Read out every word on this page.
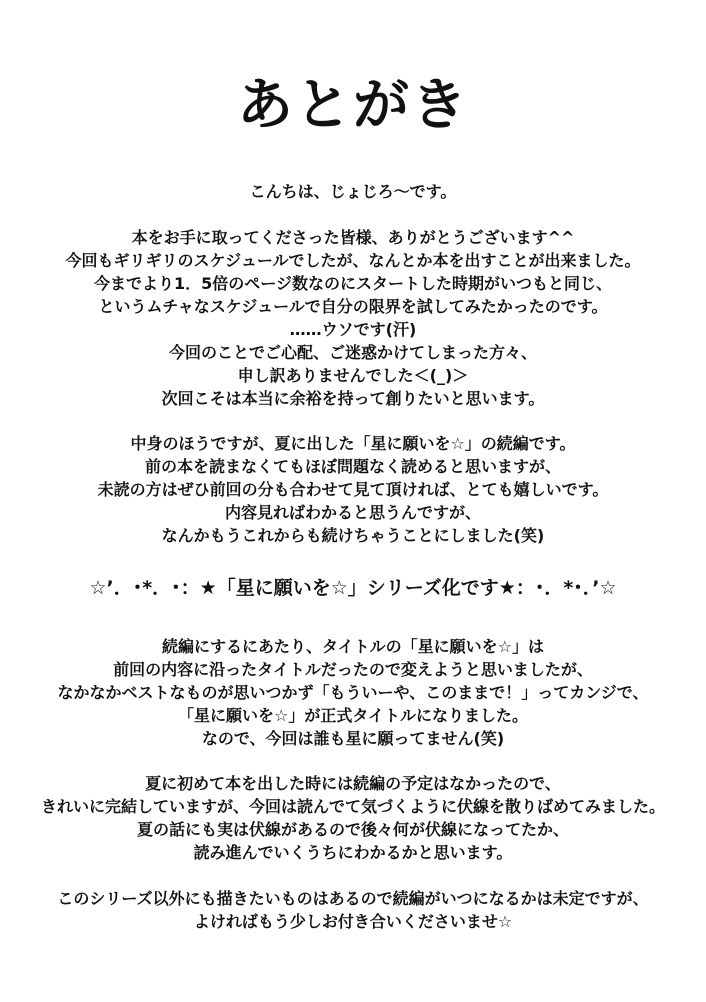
あとがき
こんちは、じょじろ〜です。
本をお手に取ってくださった皆様、ありがとうございます^^
今回もギリギリのスケジュールでしたが、なんとか本を出すことが出来ました。
今までより1．5倍のページ数なのにスタートした時期がいつもと同じ、
というムチャなスケジュールで自分の限界を試してみたかったのです。
……ウソです(汗)
今回のことでご心配、ご迷惑かけてしまった方々、
申し訳ありませんでした＜(_)＞
次回こそは本当に余裕を持って創りたいと思います。
中身のほうですが、夏に出した「星に願いを☆」の続編です。
前の本を読まなくてもほぼ問題なく読めると思いますが、
未読の方はぜひ前回の分も合わせて見て頂ければ、とても嬉しいです。
内容見ればわかると思うんですが、
なんかもうこれからも続けちゃうことにしました(笑)
☆’．･*．･：★「星に願いを☆」シリーズ化です★：･．*･．’☆
続編にするにあたり、タイトルの「星に願いを☆」は
前回の内容に沿ったタイトルだったので変えようと思いましたが、
なかなかベストなものが思いつかず「もういーや、このままで！」ってカンジで、
「星に願いを☆」が正式タイトルになりました。
なので、今回は誰も星に願ってません(笑)
夏に初めて本を出した時には続編の予定はなかったので、
きれいに完結していますが、今回は読んでて気づくように伏線を散りばめてみました。
夏の話にも実は伏線があるので後々何が伏線になってたか、
読み進んでいくうちにわかるかと思います。
このシリーズ以外にも描きたいものはあるので続編がいつになるかは未定ですが、
よければもう少しお付き合いくださいませ☆
